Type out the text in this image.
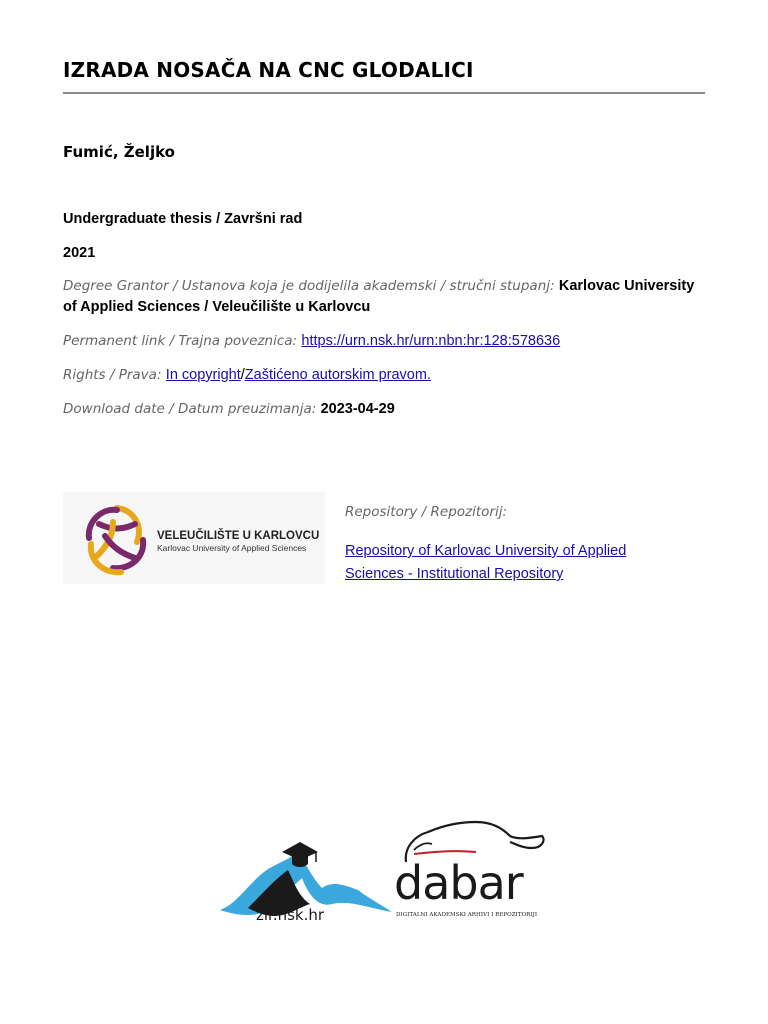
IZRADA NOSAČA NA CNC GLODALICI

Fumić, Željko

Undergraduate thesis / Završni rad

2021

Degree Grantor / Ustanova koja je dodijelila akademski / stručni stupanj: Karlovac University of Applied Sciences / Veleučilište u Karlovcu

Permanent link / Trajna poveznica: https://urn.nsk.hr/urn:nbn:hr:128:578636

Rights / Prava: In copyright/Zaštićeno autorskim pravom.

Download date / Datum preuzimanja: 2023-04-29

VELEUČILIŠTE U KARLOVCU
Karlovac University of Applied Sciences

Repository / Repozitorij:

Repository of Karlovac University of Applied Sciences - Institutional Repository

zir.nsk.hr
dabar
DIGITALNI AKADEMSKI ARHIVI I REPOZITORIJI
